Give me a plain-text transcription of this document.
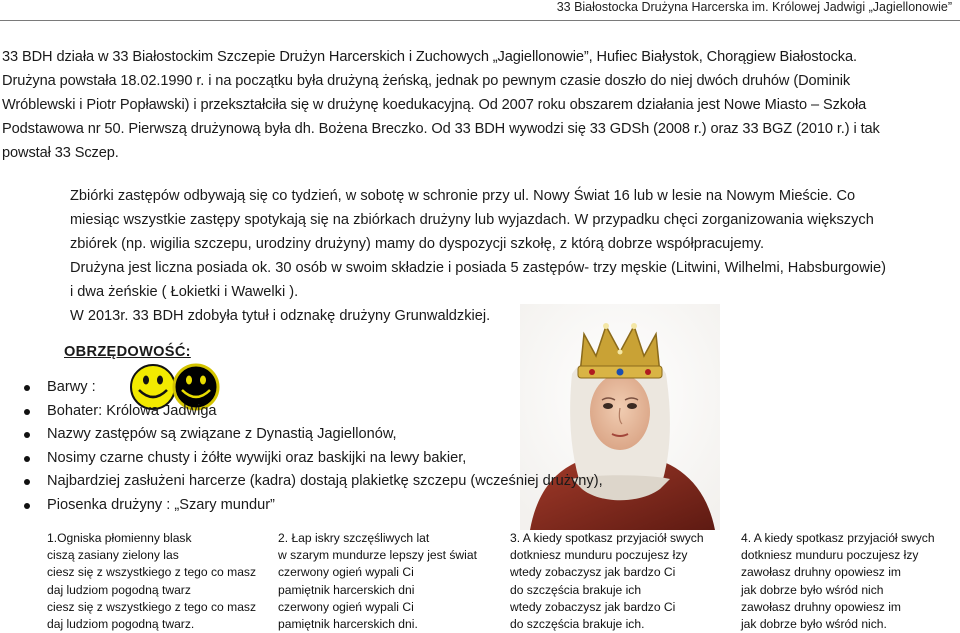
33 Białostocka Drużyna Harcerska im. Królowej Jadwigi „Jagiellonowie”

33 BDH działa w 33 Białostockim Szczepie Drużyn Harcerskich i Zuchowych „Jagiellonowie”, Hufiec Białystok, Chorągiew Białostocka.

Drużyna powstała 18.02.1990 r. i na początku była drużyną żeńską, jednak po pewnym czasie doszło do niej dwóch druhów (Dominik

Wróblewski i Piotr Popławski) i przekształciła się w drużynę koedukacyjną. Od 2007 roku obszarem działania jest Nowe Miasto – Szkoła

Podstawowa nr 50. Pierwszą drużynową była dh. Bożena Breczko. Od 33 BDH wywodzi się 33 GDSh (2008 r.) oraz 33 BGZ (2010 r.) i tak

powstał 33 Sczep.

Zbiórki zastępów odbywają się co tydzień, w sobotę w schronie przy ul. Nowy Świat 16 lub w lesie na Nowym Mieście. Co

miesiąc wszystkie zastępy spotykają się na zbiórkach drużyny lub wyjazdach. W przypadku chęci zorganizowania większych

zbiórek (np. wigilia szczepu, urodziny drużyny) mamy do dyspozycji szkołę, z którą dobrze współpracujemy.

Drużyna jest liczna posiada ok. 30 osób w swoim składzie i posiada 5 zastępów- trzy męskie (Litwini, Wilhelmi, Habsburgowie)

i dwa żeńskie ( Łokietki i Wawelki ).

W 2013r. 33 BDH zdobyła tytuł i odznakę drużyny Grunwaldzkiej.

OBRZĘDOWOŚĆ:
Barwy :
Bohater: Królowa Jadwiga
Nazwy zastępów są związane z Dynastią Jagiellonów,
Nosimy czarne chusty i żółte wywijki oraz baskijki na lewy bakier,
Najbardziej zasłużeni harcerze (kadra) dostają plakietkę szczepu (wcześniej drużyny),
Piosenka drużyny : „Szary mundur”
1.Ogniska płomienny blask
ciszą zasiany zielony las
ciesz się z wszystkiego z tego co masz
daj ludziom pogodną twarz
ciesz się z wszystkiego z tego co masz
daj ludziom pogodną twarz.
2. Łap iskry szczęśliwych lat
w szarym mundurze lepszy jest świat
czerwony ogień wypali Ci
pamiętnik harcerskich dni
czerwony ogień wypali Ci
pamiętnik harcerskich dni.
3. A kiedy spotkasz przyjaciół swych
dotkniesz munduru poczujesz łzy
wtedy zobaczysz jak bardzo Ci
do szczęścia brakuje ich
wtedy zobaczysz jak bardzo Ci
do szczęścia brakuje ich.
4. A kiedy spotkasz przyjaciół swych
dotkniesz munduru poczujesz łzy
zawołasz druhny opowiesz im
jak dobrze było wśród nich
zawołasz druhny opowiesz im
jak dobrze było wśród nich.
